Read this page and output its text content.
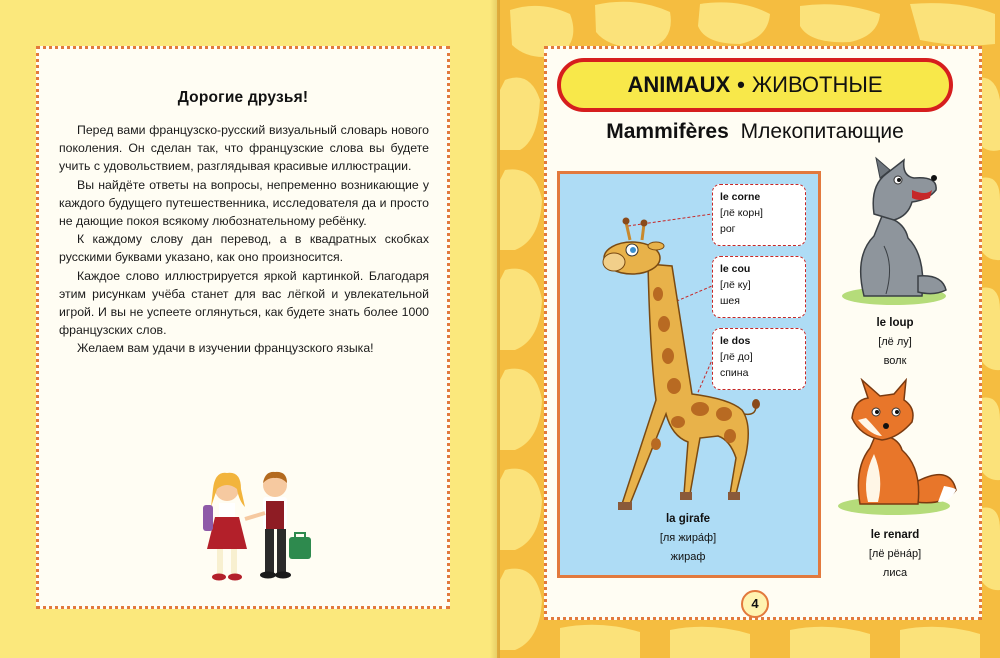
Дорогие друзья!

Перед вами французско-русский визуальный словарь нового поколения. Он сделан так, что французские слова вы будете учить с удовольствием, разглядывая красивые иллюстрации.

Вы найдёте ответы на вопросы, непременно возникающие у каждого будущего путешественника, исследователя да и просто не дающие покоя всякому любознательному ребёнку.

К каждому слову дан перевод, а в квадратных скобках русскими буквами указано, как оно произносится.

Каждое слово иллюстрируется яркой картинкой. Благодаря этим рисункам учёба станет для вас лёгкой и увлекательной игрой. И вы не успеете оглянуться, как будете знать более 1000 французских слов.

Желаем вам удачи в изучении французского языка!

ANIMAUX • ЖИВОТНЫЕ
Mammifères Млекопитающие
le corne
[лё корн]
рог
le cou
[лё ку]
шея
le dos
[лё до]
спина
la girafe
[ля жира́ф]
жираф
le loup
[лё лу]
волк
le renard
[лё рёна́р]
лиса
4
